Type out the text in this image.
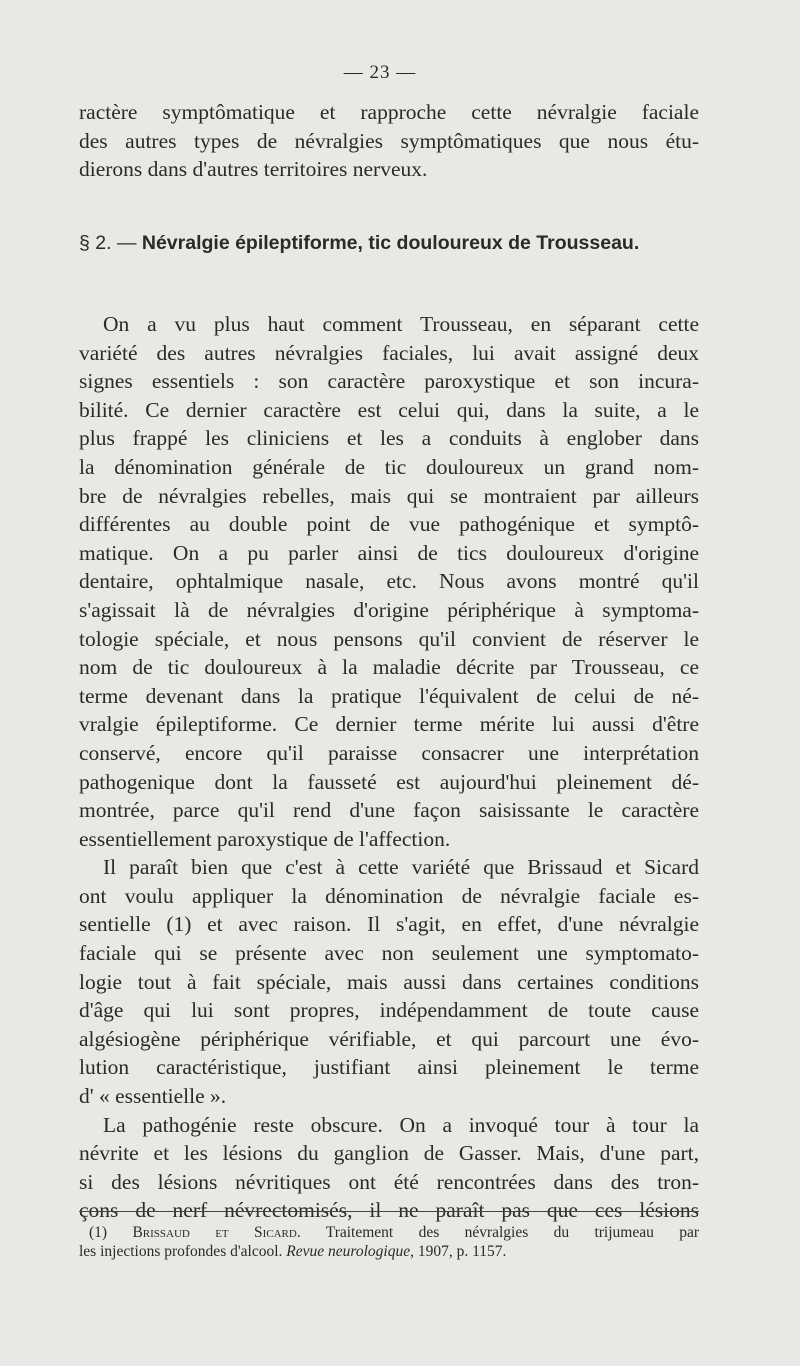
— 23 —
ractère symptômatique et rapproche cette névralgie faciale
des autres types de névralgies symptômatiques que nous étu-
dierons dans d'autres territoires nerveux.
§ 2. — Névralgie épileptiforme, tic douloureux de Trousseau.
On a vu plus haut comment Trousseau, en séparant cette
variété des autres névralgies faciales, lui avait assigné deux
signes essentiels : son caractère paroxystique et son incura-
bilité. Ce dernier caractère est celui qui, dans la suite, a le
plus frappé les cliniciens et les a conduits à englober dans
la dénomination générale de tic douloureux un grand nom-
bre de névralgies rebelles, mais qui se montraient par ailleurs
différentes au double point de vue pathogénique et symptô-
matique. On a pu parler ainsi de tics douloureux d'origine
dentaire, ophtalmique nasale, etc. Nous avons montré qu'il
s'agissait là de névralgies d'origine périphérique à symptoma-
tologie spéciale, et nous pensons qu'il convient de réserver le
nom de tic douloureux à la maladie décrite par Trousseau, ce
terme devenant dans la pratique l'équivalent de celui de né-
vralgie épileptiforme. Ce dernier terme mérite lui aussi d'être
conservé, encore qu'il paraisse consacrer une interprétation
pathogenique dont la fausseté est aujourd'hui pleinement dé-
montrée, parce qu'il rend d'une façon saisissante le caractère
essentiellement paroxystique de l'affection.
Il paraît bien que c'est à cette variété que Brissaud et Sicard
ont voulu appliquer la dénomination de névralgie faciale es-
sentielle (1) et avec raison. Il s'agit, en effet, d'une névralgie
faciale qui se présente avec non seulement une symptomato-
logie tout à fait spéciale, mais aussi dans certaines conditions
d'âge qui lui sont propres, indépendamment de toute cause
algésiogène périphérique vérifiable, et qui parcourt une évo-
lution caractéristique, justifiant ainsi pleinement le terme
d' « essentielle ».
La pathogénie reste obscure. On a invoqué tour à tour la
névrite et les lésions du ganglion de Gasser. Mais, d'une part,
si des lésions névritiques ont été rencontrées dans des tron-
çons de nerf névrectomisés, il ne paraît pas que ces lésions
(1) Brissaud et Sicard. Traitement des névralgies du trijumeau par
les injections profondes d'alcool. Revue neurologique, 1907, p. 1157.
